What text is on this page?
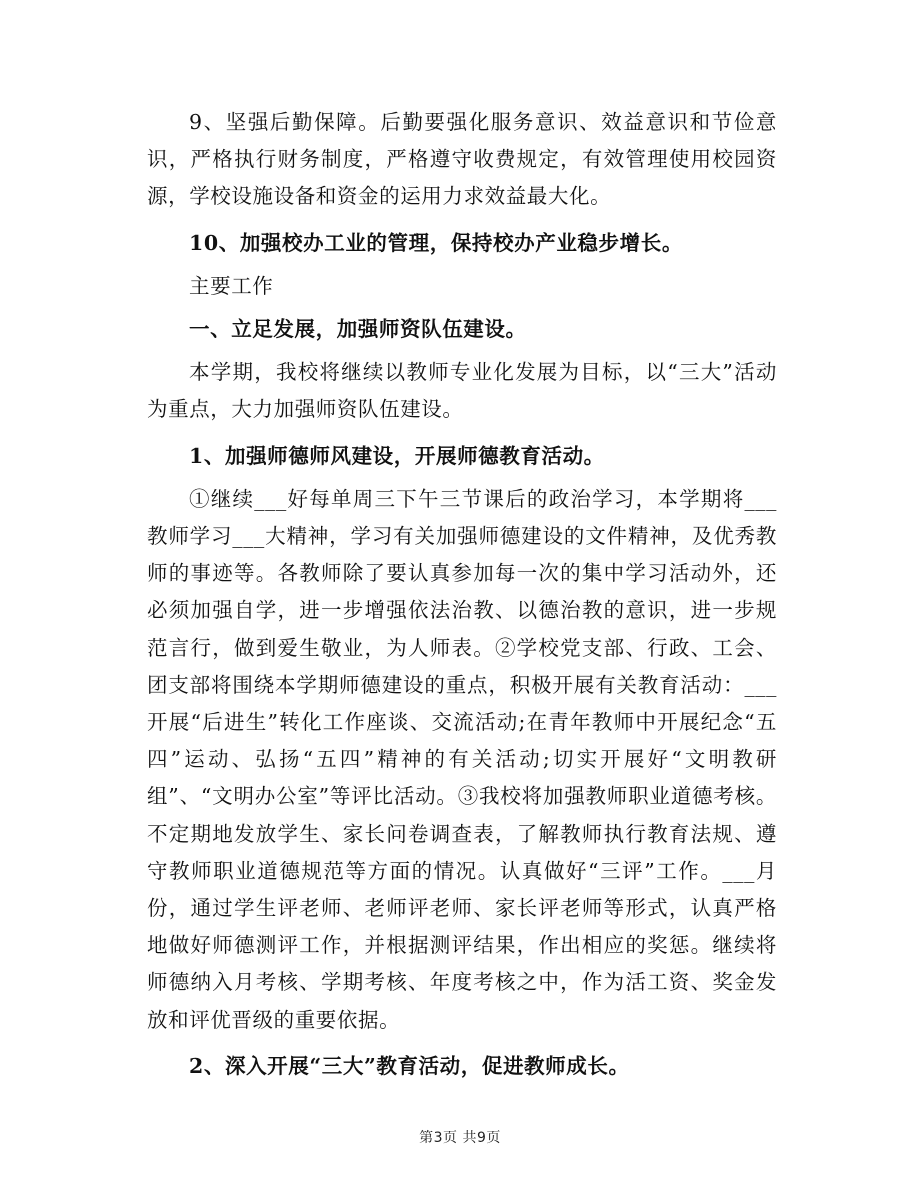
9、坚强后勤保障。后勤要强化服务意识、效益意识和节俭意识，严格执行财务制度，严格遵守收费规定，有效管理使用校园资源，学校设施设备和资金的运用力求效益最大化。

10、加强校办工业的管理，保持校办产业稳步增长。

主要工作

一、立足发展，加强师资队伍建设。

本学期，我校将继续以教师专业化发展为目标，以“三大”活动为重点，大力加强师资队伍建设。

1、加强师德师风建设，开展师德教育活动。

①继续___好每单周三下午三节课后的政治学习，本学期将___教师学习___大精神，学习有关加强师德建设的文件精神，及优秀教师的事迹等。各教师除了要认真参加每一次的集中学习活动外，还必须加强自学，进一步增强依法治教、以德治教的意识，进一步规范言行，做到爱生敬业，为人师表。②学校党支部、行政、工会、团支部将围绕本学期师德建设的重点，积极开展有关教育活动：___开展“后进生”转化工作座谈、交流活动;在青年教师中开展纪念“五四”运动、弘扬“五四”精神的有关活动;切实开展好“文明教研组”、“文明办公室”等评比活动。③我校将加强教师职业道德考核。不定期地发放学生、家长问卷调查表，了解教师执行教育法规、遵守教师职业道德规范等方面的情况。认真做好“三评”工作。___月份，通过学生评老师、老师评老师、家长评老师等形式，认真严格地做好师德测评工作，并根据测评结果，作出相应的奖惩。继续将师德纳入月考核、学期考核、年度考核之中，作为活工资、奖金发放和评优晋级的重要依据。

2、深入开展“三大”教育活动，促进教师成长。

第3页 共9页
